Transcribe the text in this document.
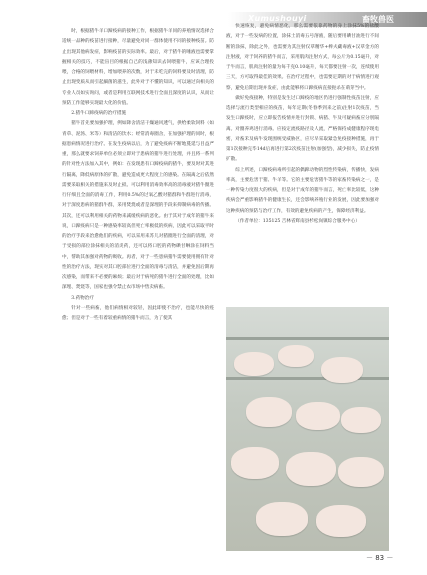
Xumushouyi	畜牧兽医

时，根据猪牛羊口蹄疫病的接种工作，根据猪牛羊同的养殖情况选择合适统一品种的疫苗进行接种，尽量避免对同一群体使用不同的接种疫苗。防止出现其他病发症，影响疫苗的实际效率。最后，对于猪牛的唾液也需要掌握相关的技巧，不能盲目的根据自己的浅薄知识去饲喂猪牛，应该合理投喂，合格的饲喂材料，增加喂养的次数，对于未吃完的饲料要及时清理，防止出现变质从而引起細菌的滋生，此外对于不懂的知识，可以通过向相关的专业人员如实询问，或者是利用互联网技术进行全面且深度的认识，从而让预防工作能够实现最大化的价值。

2.猪牛口蹄疫病的治疗措施

猪牛首先要加强护理，例如降舍清洁干燥通风透气，供给柔软饲料（如青草、泥汤、米等）和清洁的饮水；经常消毒圈舍，在加强护理的同时，根据患病情况进行治疗。在发生疫病以后，为了避免疫病不断地蔓延与目益严重，那么就要求饲养单位必须立即对于患病的猪牛进行处理，并且将一系列的针对性方法加入其中，例如：在发现患有口蹄疫病的猪牛，要及时对其进行隔离，降低病原体的扩散，避免造成更大程度上的感染。在隔离之后依然需要采取相关的措施来及时止损。可以利用消毒效率高的消毒液对猪牛圈进行仔细且全面的消毒工作，利用0.5%的过氧乙酸对猪群和牛群进行消毒，对于深度患病的猪群牛群，采用焚烧或者是深埋的手段来抑制病毒的传播。其次，还可以利用相关的药物来减缓疾病的恶化。由于其对于成年的猪牛来说，口蹄疫病只是一种感染率较高但死亡率极低的疾病，因此可以采取平时的治疗手段来治愈他们的疾病，可以采用来苏儿对猪圈进行全面的清理，对于受损的部位涂抹相关的消炎药，还可以将口腔的药物碘甘啉涂在饲料当中，帮助其加强对药物的吸收。再者，对于一些患病猪牛需要使用拥有针对性的治疗方法，现实对其口腔部位进行全面的清毒与清洁，并避免因后期再次感染，而带来不必要的麻烦；最后对于病死的猪牛进行全面的处理，比如深埋、焚烧等，国家也强令禁止农市场中售卖病畜。

3.药物治疗

针对一些病畜，他们病情相对较轻，因此即使不治疗，也能尽快的痊愈；但是对于一些有着较重病情的猪牛而言，为了使其

快速恢复，避免病情恶化，那么需要依靠药物的身上涂抹5%的盐酸液，对于一些发病的位置，涂抹土消毒五号溶液，随后要用碘甘油进行不间断的涂抹，除此之外，也需要为其注射仅草精华+棒夫藏毒液+汉草金方的注射液，对于饲养的猪牛而言，采用肌肉注射方式，每公斤为0.15毫升，对于牛而言，肌肉注射的量为每千克0.10毫升，每天都要注射一次，连续使用三天，方可取得最佳的效果。在治疗过程中，也需要定期的对于病情进行观察，避免后期出现并发症，由此能够将口蹄疫病直接扼杀在萌芽当中。

做好免疫接种，特别是发生过口蹄疫的地区仍进行强制性疫苗注射，应选择与流行类型相应的疫苗，每年定期(冬春季到来之前)注射1次疫苗，当发生口蹄疫时，应立即报告疫情并进行封锁、病猪、牛及可疑病畜应分别隔离。对圈养鸡进行消毒。应按定流疫路径及人流，严格保持成健康程序现电密，对畜禾及病牛发现围统受威胁区，应尽早采取紧急免疫接种措施，再于第1次接种完毕14d后再进行第2次疫苗注射(加强型)，减少损失，防止疫情扩散。

综上所述，口蹄疫病毒所引起的偶蹄动物的烈性传染病，传播快，发病率高，主要危害于猪、牛羊等。它的主要危害猪牛等的家畜传染病之一，是一种传染力度很大的疾病，但是对于成年的猪牛而言，死亡率比较低，这种疾病会严重影响猪牛的健康生长，还会影响养殖行业的发展，因此要加强对这种疾病的预防与治疗工作，有效的避免疾病的产生，保障经济利益。

（作者单位：135125 吉林省辉南县杉松岗镇综合服务中心）

－ 83 －
